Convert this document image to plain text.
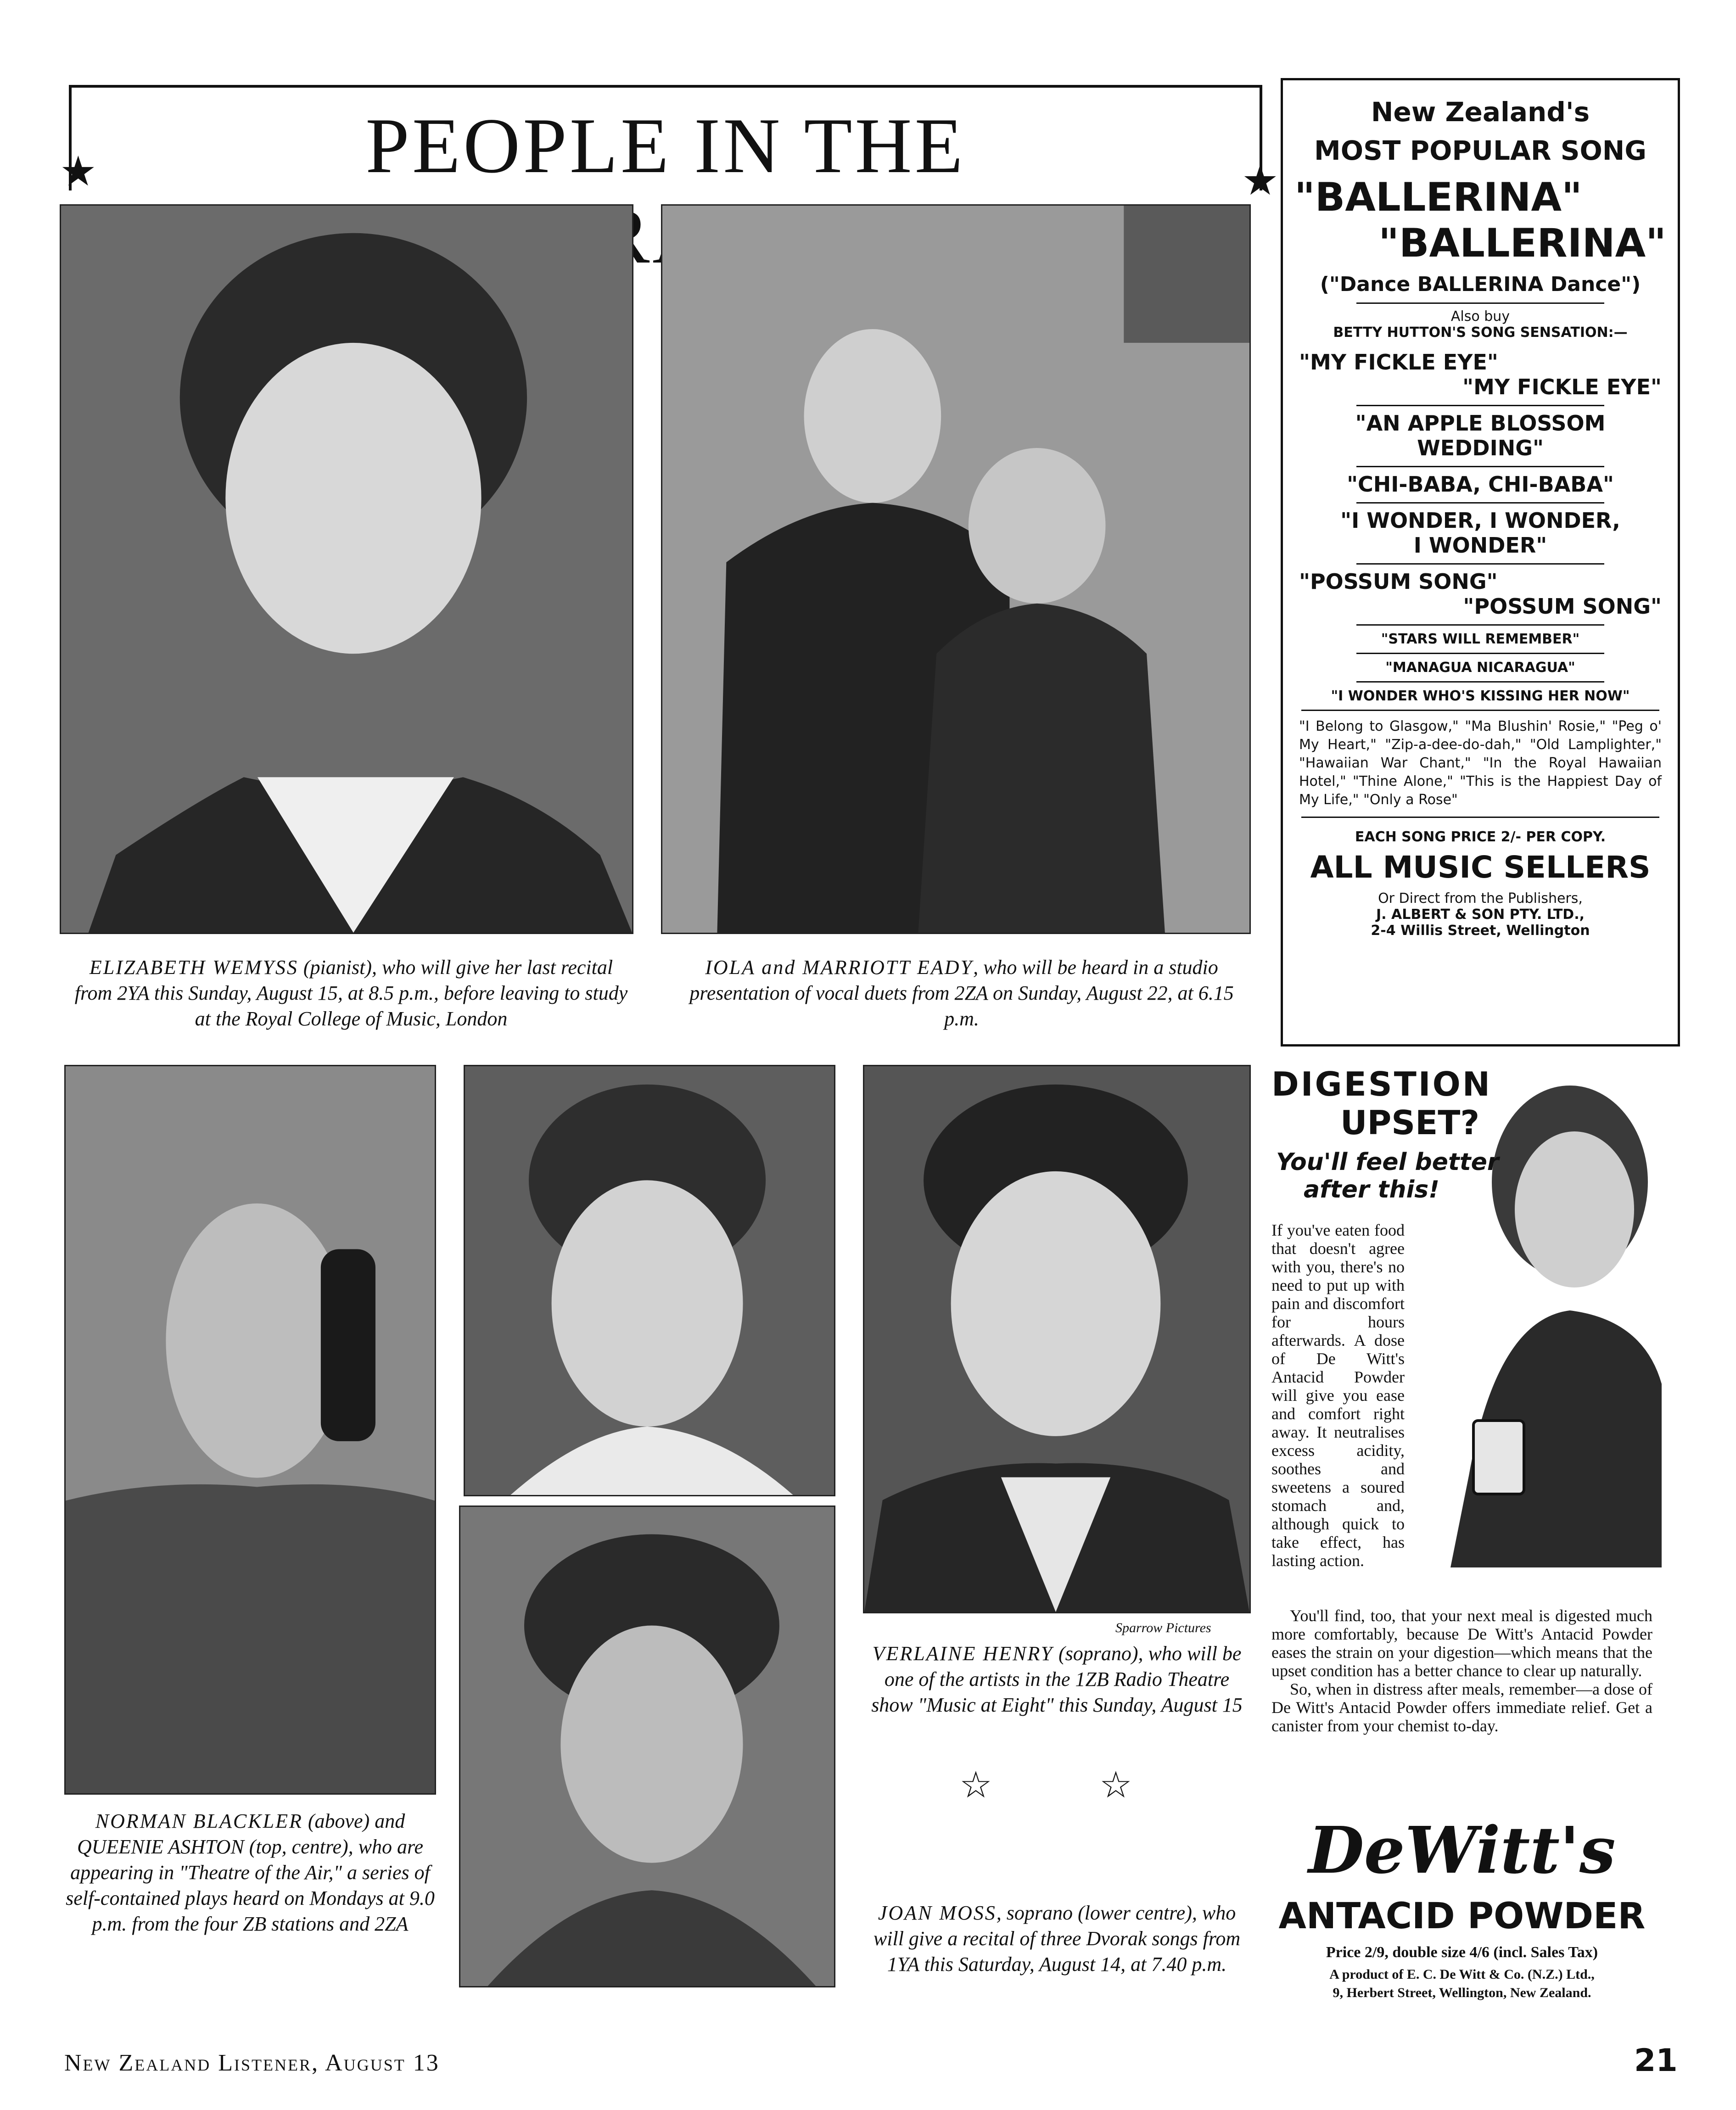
PEOPLE IN THE
★	★
ELIZABETH WEMYSS (pianist), who will give her last recital from 2YA this Sunday, August 15, at 8.5 p.m., before leaving to study at the Royal College of Music, London
IOLA and MARRIOTT EADY, who will be heard in a studio presentation of vocal duets from 2ZA on Sunday, August 22, at 6.15 p.m.
NORMAN BLACKLER (above) and QUEENIE ASHTON (top, centre), who are appearing in "Theatre of the Air," a series of self-contained plays heard on Mondays at 9.0 p.m. from the four ZB stations and 2ZA
Sparrow Pictures
VERLAINE HENRY (soprano), who will be one of the artists in the 1ZB Radio Theatre show "Music at Eight" this Sunday, August 15
☆	☆
JOAN MOSS, soprano (lower centre), who will give a recital of three Dvorak songs from 1YA this Saturday, August 14, at 7.40 p.m.
New Zealand's
MOST POPULAR SONG
"BALLERINA"
"BALLERINA"
("Dance BALLERINA Dance")
Also buy
BETTY HUTTON'S SONG SENSATION:—
"MY FICKLE EYE"
"MY FICKLE EYE"
"AN APPLE BLOSSOM
WEDDING"
"CHI-BABA, CHI-BABA"
"I WONDER, I WONDER,
I WONDER"
"POSSUM SONG"
"POSSUM SONG"
"STARS WILL REMEMBER"
"MANAGUA NICARAGUA"
"I WONDER WHO'S KISSING HER NOW"
"I Belong to Glasgow," "Ma Blushin' Rosie," "Peg o' My Heart," "Zip-a-dee-do-dah," "Old Lamplighter," "Hawaiian War Chant," "In the Royal Hawaiian Hotel," "Thine Alone," "This is the Happiest Day of My Life," "Only a Rose"
EACH SONG PRICE 2/- PER COPY.
ALL MUSIC SELLERS
Or Direct from the Publishers,
J. ALBERT & SON PTY. LTD.,
2-4 Willis Street, Wellington
DIGESTION
UPSET?
You'll feel better
after this!
If you've eaten food that doesn't agree with you, there's no need to put up with pain and discomfort for hours afterwards. A dose of De Witt's Antacid Powder will give you ease and comfort right away. It neutralises excess acidity, soothes and sweetens a soured stomach and, although quick to take effect, has lasting action.

You'll find, too, that your next meal is digested much more comfortably, because De Witt's Antacid Powder eases the strain on your digestion—which means that the upset condition has a better chance to clear up naturally.

So, when in distress after meals, remember—a dose of De Witt's Antacid Powder offers immediate relief. Get a canister from your chemist to-day.

DeWitt's
ANTACID POWDER
Price 2/9, double size 4/6 (incl. Sales Tax)
A product of E. C. De Witt & Co. (N.Z.) Ltd.,
9, Herbert Street, Wellington, New Zealand.
New Zealand Listener, August 13	21
